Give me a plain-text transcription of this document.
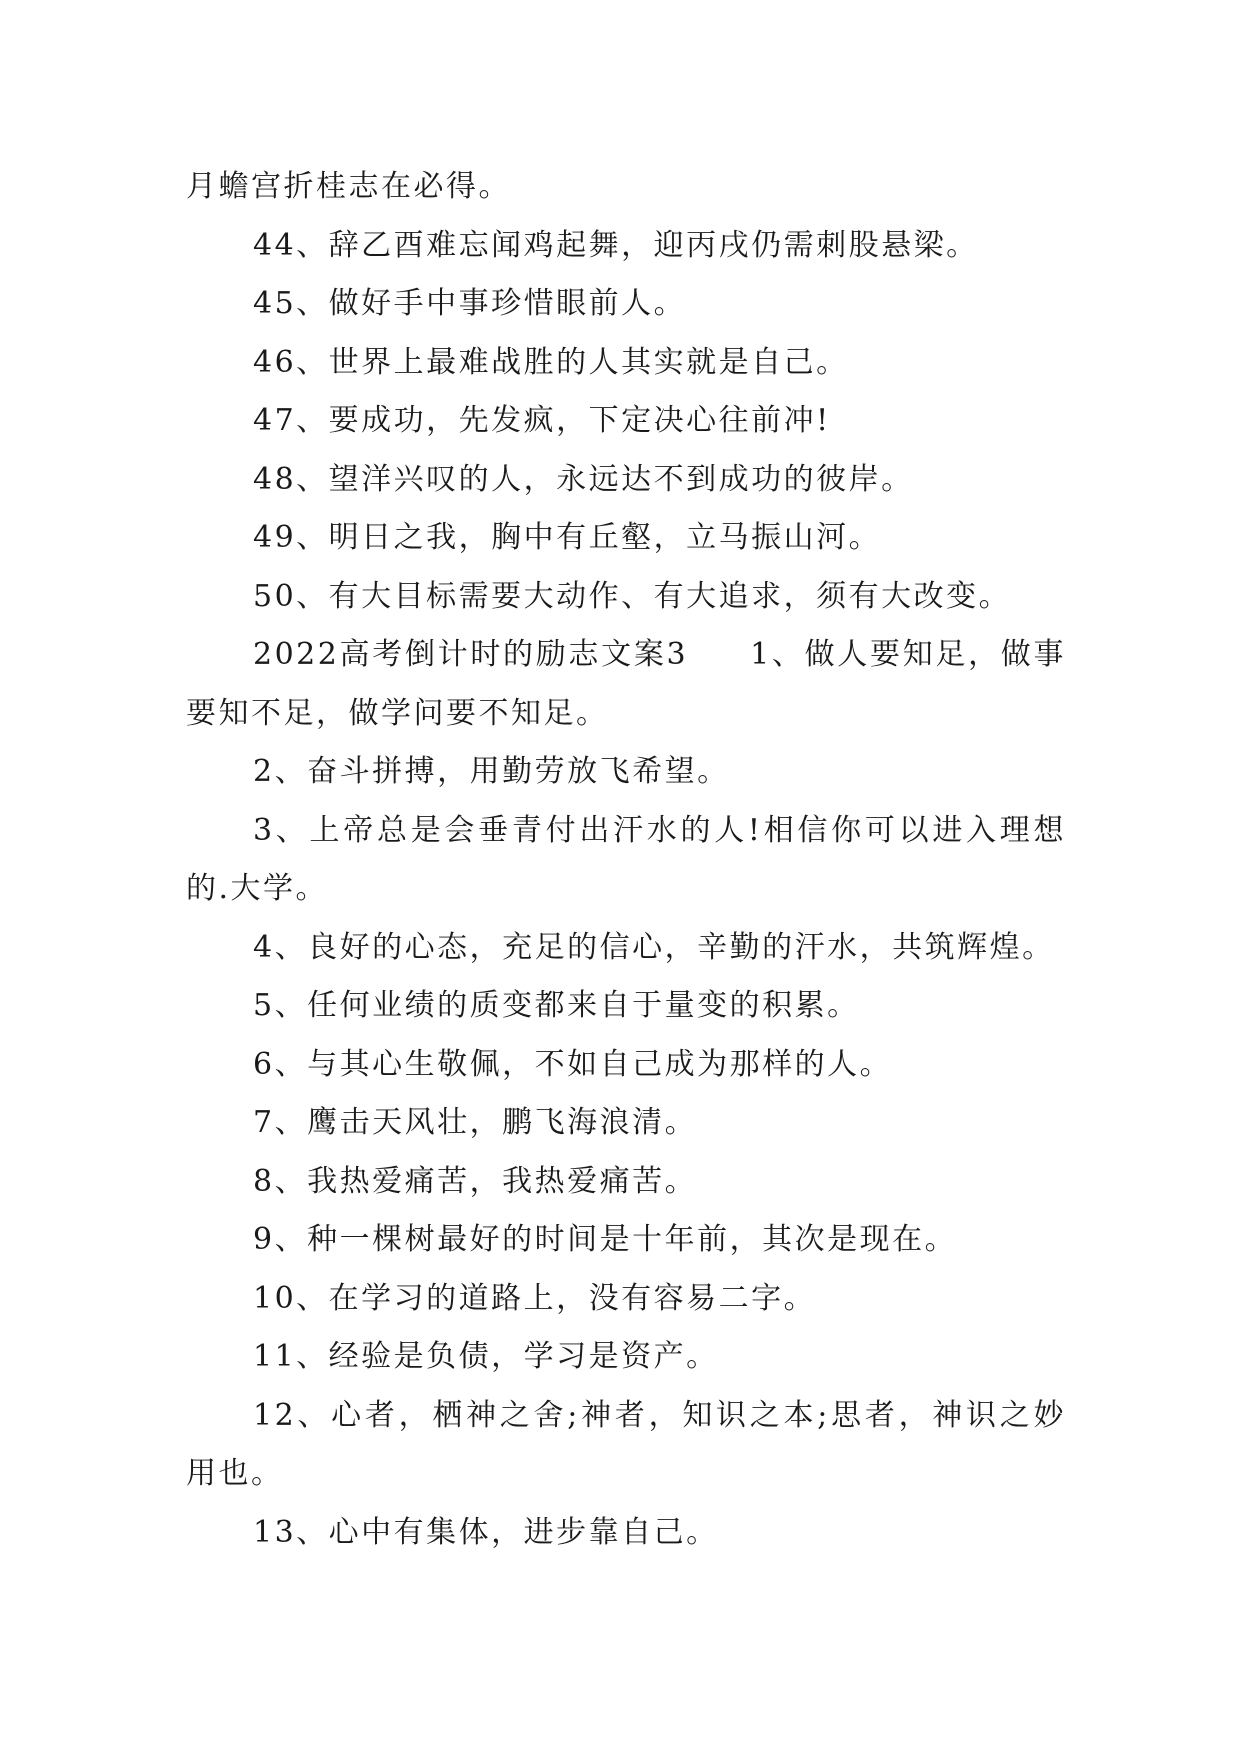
月蟾宫折桂志在必得。

44、辞乙酉难忘闻鸡起舞，迎丙戌仍需刺股悬梁。

45、做好手中事珍惜眼前人。

46、世界上最难战胜的人其实就是自己。

47、要成功，先发疯，下定决心往前冲!

48、望洋兴叹的人，永远达不到成功的彼岸。

49、明日之我，胸中有丘壑，立马振山河。

50、有大目标需要大动作、有大追求，须有大改变。

2022高考倒计时的励志文案3 1、做人要知足，做事要知不足，做学问要不知足。

2、奋斗拼搏，用勤劳放飞希望。

3、上帝总是会垂青付出汗水的人!相信你可以进入理想的.大学。

4、良好的心态，充足的信心，辛勤的汗水，共筑辉煌。

5、任何业绩的质变都来自于量变的积累。

6、与其心生敬佩，不如自己成为那样的人。

7、鹰击天风壮，鹏飞海浪清。

8、我热爱痛苦，我热爱痛苦。

9、种一棵树最好的时间是十年前，其次是现在。

10、在学习的道路上，没有容易二字。

11、经验是负债，学习是资产。

12、心者，栖神之舍;神者，知识之本;思者，神识之妙用也。

13、心中有集体，进步靠自己。
